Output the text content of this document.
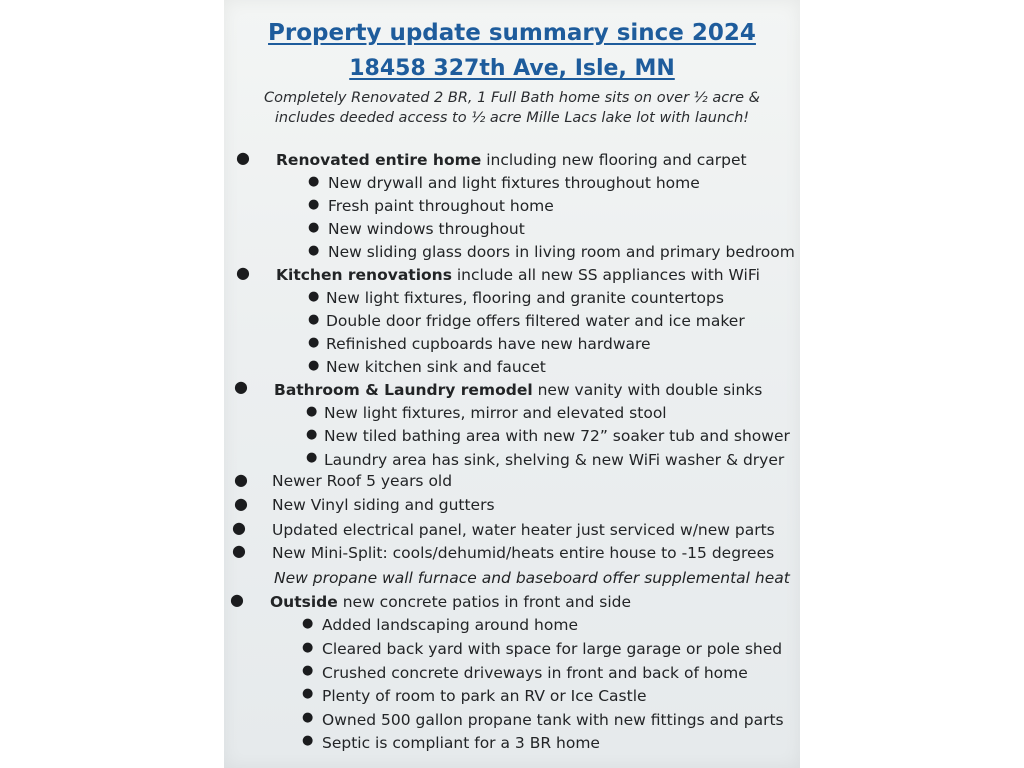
Property update summary since 2024
18458 327th Ave, Isle, MN

Completely Renovated 2 BR, 1 Full Bath home sits on over ½ acre &

includes deeded access to ½ acre Mille Lacs lake lot with launch!

● Renovated entire home including new flooring and carpet
● New drywall and light fixtures throughout home
● Fresh paint throughout home
● New windows throughout
● New sliding glass doors in living room and primary bedroom
● Kitchen renovations include all new SS appliances with WiFi
● New light fixtures, flooring and granite countertops
● Double door fridge offers filtered water and ice maker
● Refinished cupboards have new hardware
● New kitchen sink and faucet
● Bathroom & Laundry remodel new vanity with double sinks
● New light fixtures, mirror and elevated stool
● New tiled bathing area with new 72” soaker tub and shower
● Laundry area has sink, shelving & new WiFi washer & dryer
● Newer Roof 5 years old
● New Vinyl siding and gutters
● Updated electrical panel, water heater just serviced w/new parts
● New Mini-Split: cools/dehumid/heats entire house to -15 degrees
New propane wall furnace and baseboard offer supplemental heat
● Outside new concrete patios in front and side
● Added landscaping around home
● Cleared back yard with space for large garage or pole shed
● Crushed concrete driveways in front and back of home
● Plenty of room to park an RV or Ice Castle
● Owned 500 gallon propane tank with new fittings and parts
● Septic is compliant for a 3 BR home
